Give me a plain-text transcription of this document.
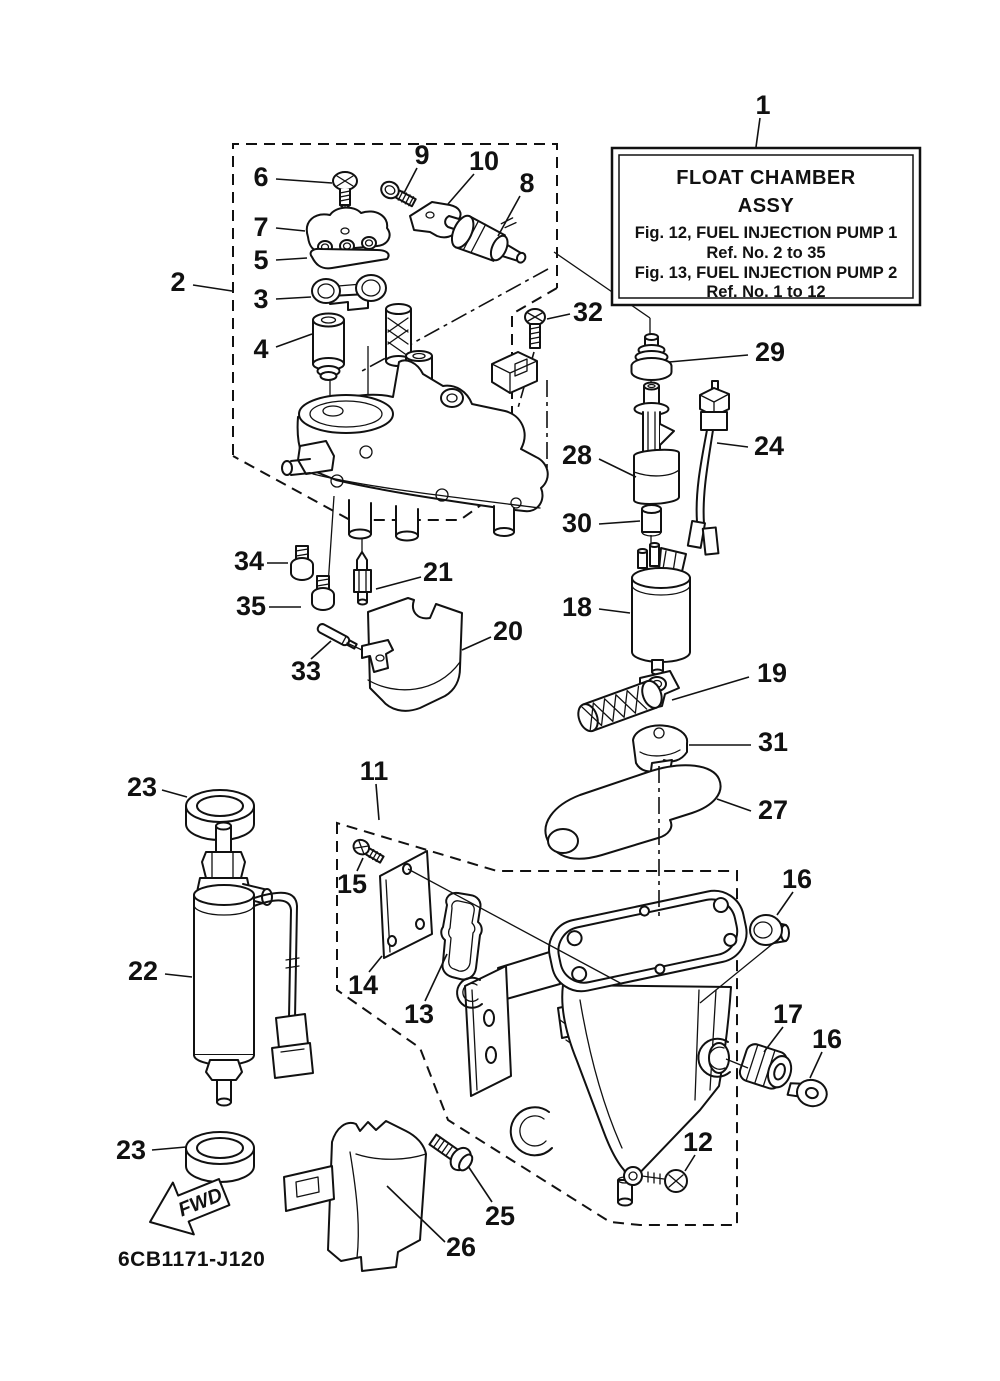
FWD
FLOAT CHAMBER
ASSY
Fig. 12, FUEL INJECTION PUMP 1
Ref. No. 2 to 35
Fig. 13, FUEL INJECTION PUMP 2
Ref. No. 1 to 12
6CB1171-J120
1
2
3
4
5
6
7
8
9 10
11
12
13
14
15	16
17
16
18
19
20
21
22
23
23
24
25
26
27
28
29
30
31
32
33
34
35
